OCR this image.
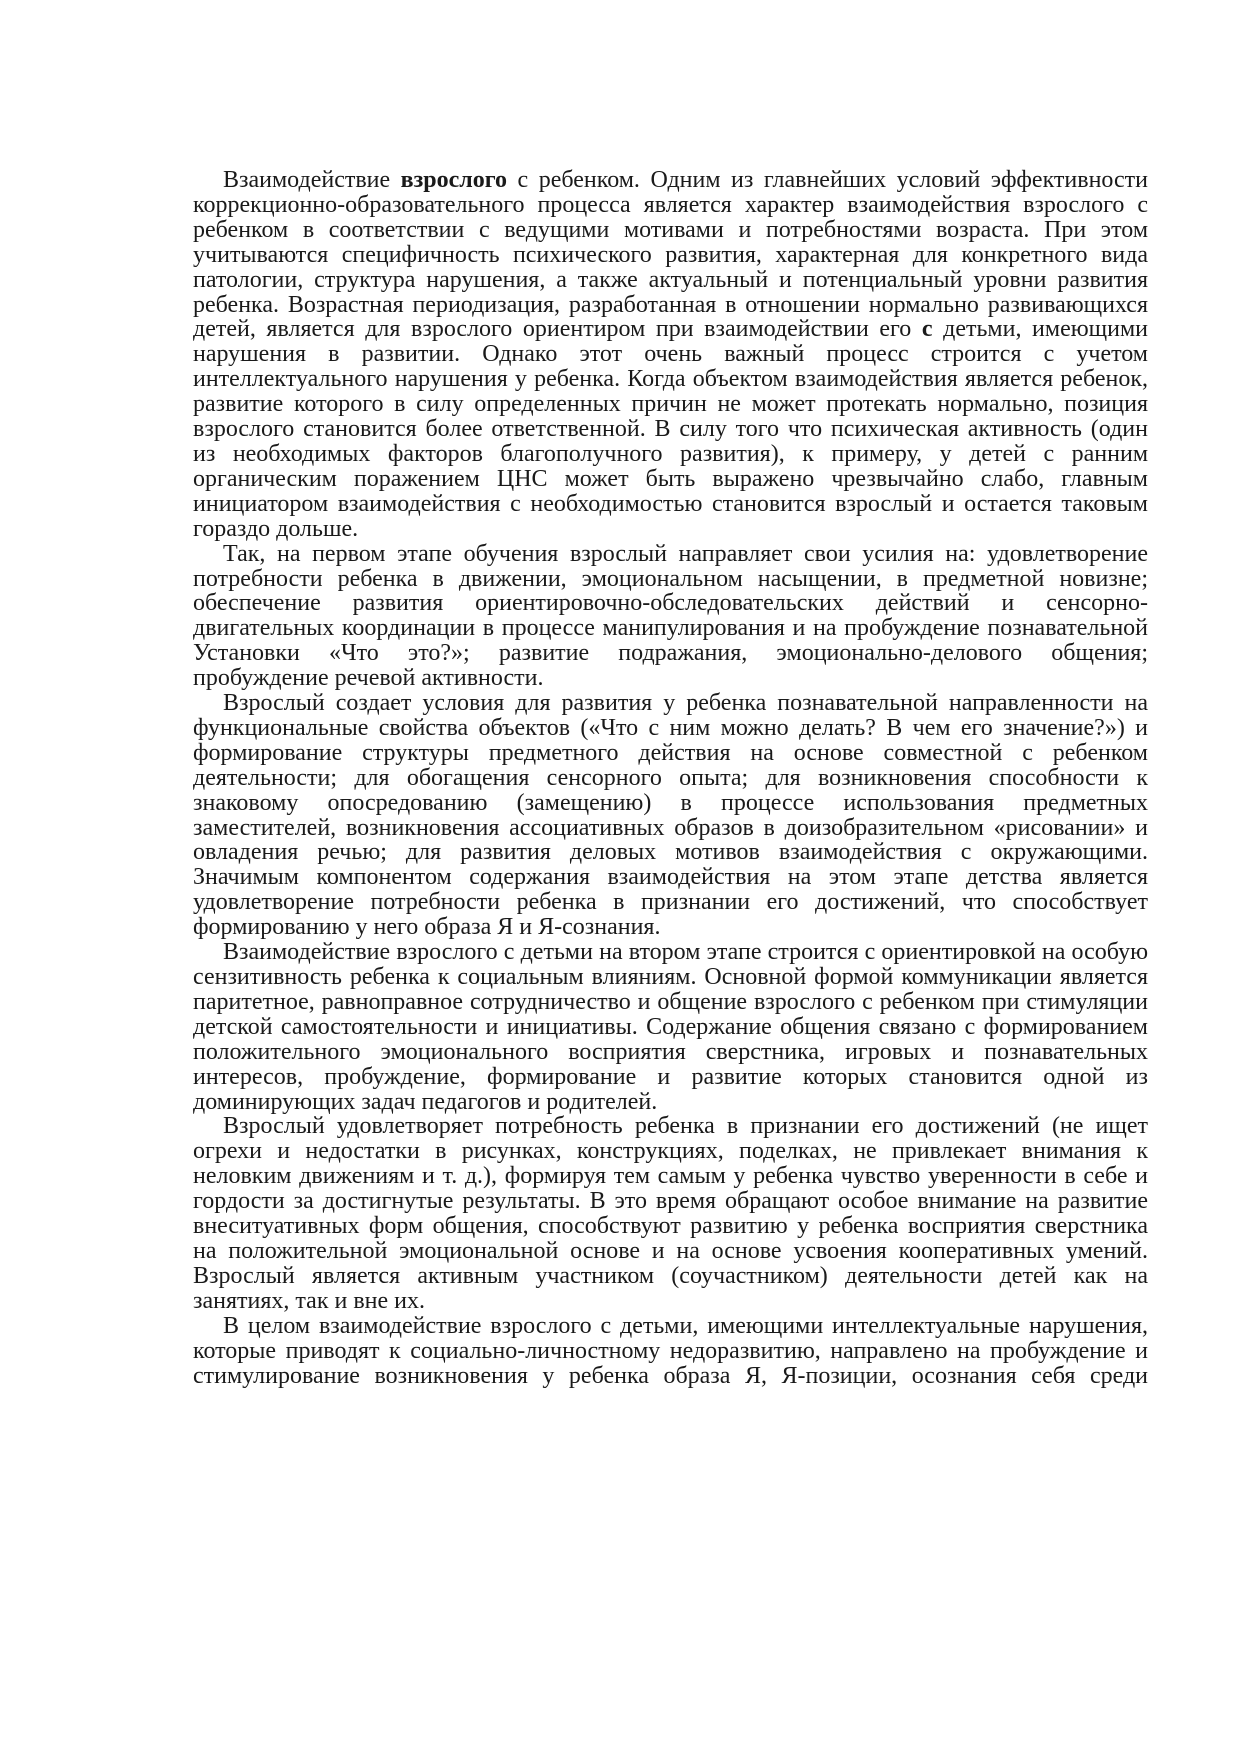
Взаимодействие взрослого с ребенком. Одним из главнейших условий эффективности коррекционно-образовательного процесса является характер взаимодействия взрослого с ребенком в соответствии с ведущими мотивами и потребностями возраста. При этом учитываются специфичность психического развития, характерная для конкретного вида патологии, структура нарушения, а также актуальный и потенциальный уровни развития ребенка. Возрастная периодизация, разработанная в отношении нормально развивающихся детей, является для взрослого ориентиром при взаимодействии его с детьми, имеющими нарушения в развитии. Однако этот очень важный процесс строится с учетом интеллектуального нарушения у ребенка. Когда объектом взаимодействия является ребенок, развитие которого в силу определенных причин не может протекать нормально, позиция взрослого становится более ответственной. В силу того что психическая активность (один из необходимых факторов благополучного развития), к примеру, у детей с ранним органическим поражением ЦНС может быть выражено чрезвычайно слабо, главным инициатором взаимодействия с необходимостью становится взрослый и остается таковым гораздо дольше.

Так, на первом этапе обучения взрослый направляет свои усилия на: удовлетворение потребности ребенка в движении, эмоциональном насыщении, в предметной новизне; обеспечение развития ориентировочно-обследовательских действий и сенсорно-двигательных координации в процессе манипулирования и на пробуждение познавательной Установки «Что это?»; развитие подражания, эмоционально-делового общения; пробуждение речевой активности.

Взрослый создает условия для развития у ребенка познавательной направленности на функциональные свойства объектов («Что с ним можно делать? В чем его значение?») и формирование структуры предметного действия на основе совместной с ребенком деятельности; для обогащения сенсорного опыта; для возникновения способности к знаковому опосредованию (замещению) в процессе использования предметных заместителей, возникновения ассоциативных образов в доизобразительном «рисовании» и овладения речью; для развития деловых мотивов взаимодействия с окружающими. Значимым компонентом содержания взаимодействия на этом этапе детства является удовлетворение потребности ребенка в признании его достижений, что способствует формированию у него образа Я и Я-сознания.

Взаимодействие взрослого с детьми на втором этапе строится с ориентировкой на особую сензитивность ребенка к социальным влияниям. Основной формой коммуникации является паритетное, равноправное сотрудничество и общение взрослого с ребенком при стимуляции детской самостоятельности и инициативы. Содержание общения связано с формированием положительного эмоционального восприятия сверстника, игровых и познавательных интересов, пробуждение, формирование и развитие которых становится одной из доминирующих задач педагогов и родителей.

Взрослый удовлетворяет потребность ребенка в признании его достижений (не ищет огрехи и недостатки в рисунках, конструкциях, поделках, не привлекает внимания к неловким движениям и т. д.), формируя тем самым у ребенка чувство уверенности в себе и гордости за достигнутые результаты. В это время обращают особое внимание на развитие внеситуативных форм общения, способствуют развитию у ребенка восприятия сверстника на положительной эмоциональной основе и на основе усвоения кооперативных умений. Взрослый является активным участником (соучастником) деятельности детей как на занятиях, так и вне их.

В целом взаимодействие взрослого с детьми, имеющими интеллектуальные нарушения, которые приводят к социально-личностному недоразвитию, направлено на пробуждение и стимулирование возникновения у ребенка образа Я, Я-позиции, осознания себя среди
